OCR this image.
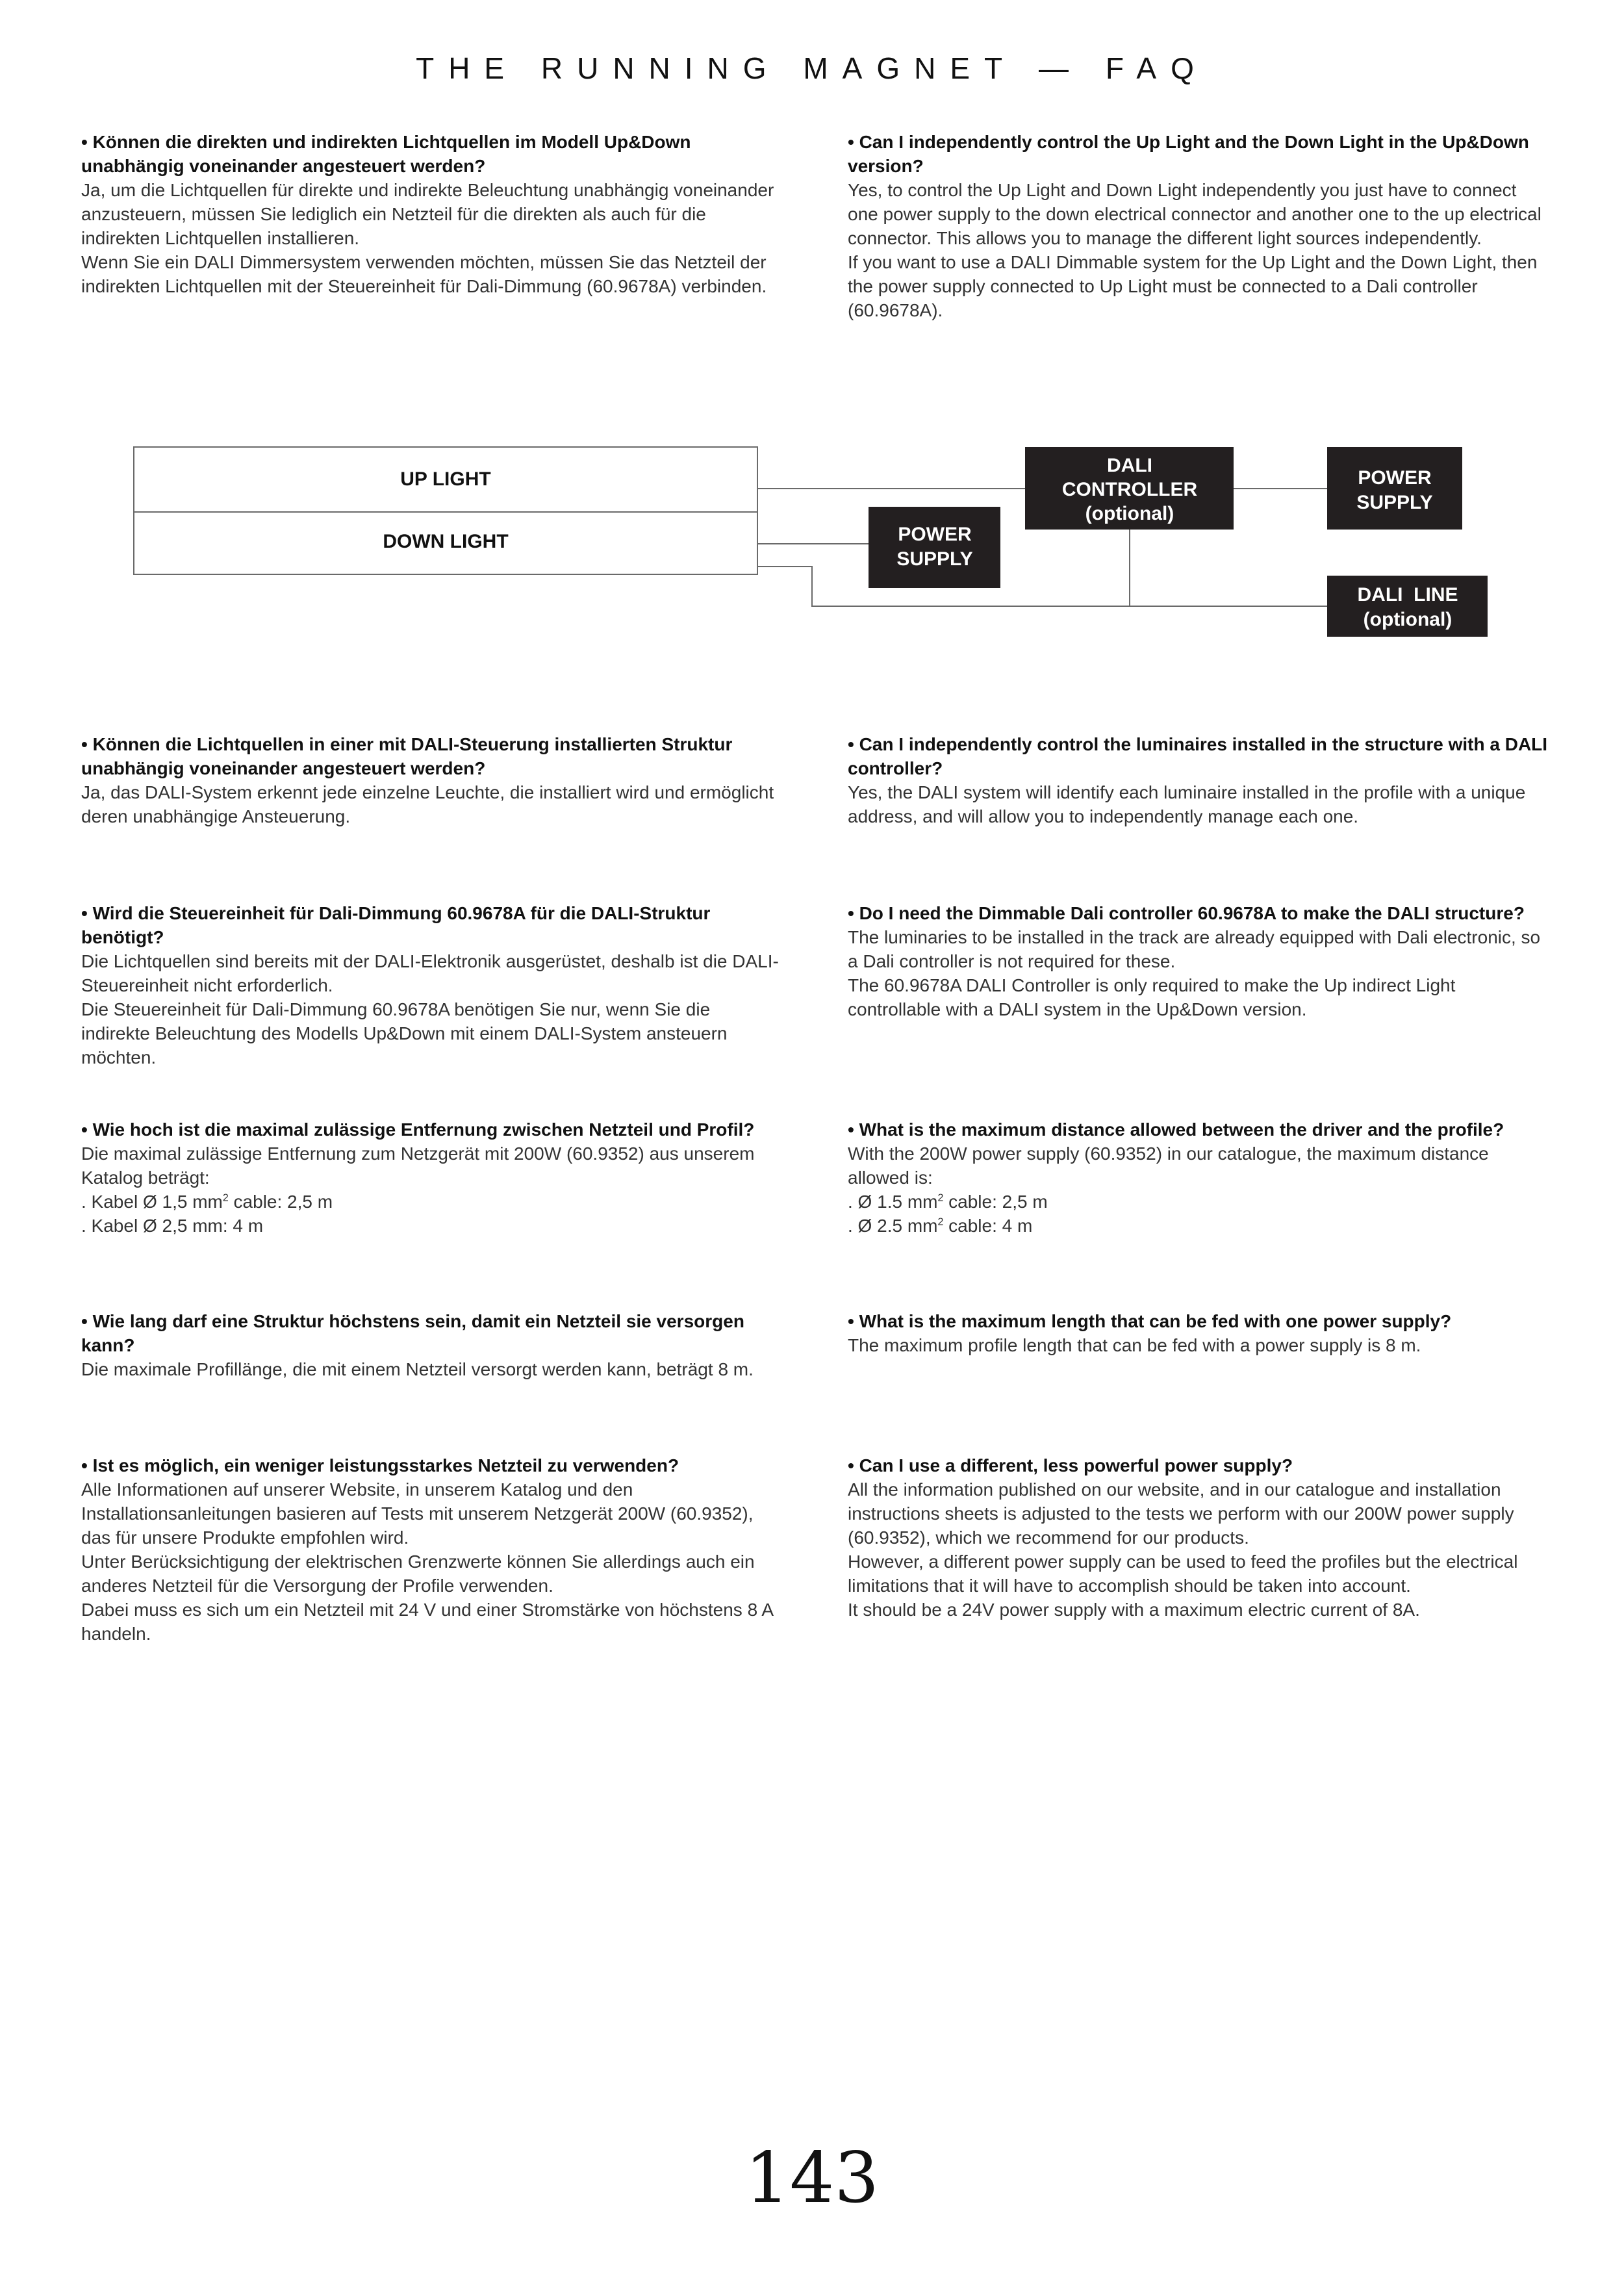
THE RUNNING MAGNET — FAQ
• Können die direkten und indirekten Lichtquellen im Modell Up&Down unabhängig voneinander angesteuert werden?

Ja, um die Lichtquellen für direkte und indirekte Beleuchtung unabhängig voneinander anzusteuern, müssen Sie lediglich ein Netzteil für die direkten als auch für die indirekten Lichtquellen installieren.

Wenn Sie ein DALI Dimmersystem verwenden möchten, müssen Sie das Netzteil der indirekten Lichtquellen mit der Steuereinheit für Dali-Dimmung (60.9678A) verbinden.

• Können die Lichtquellen in einer mit DALI-Steuerung installierten Struktur unabhängig voneinander angesteuert werden?

Ja, das DALI-System erkennt jede einzelne Leuchte, die installiert wird und ermöglicht deren unabhängige Ansteuerung.

• Wird die Steuereinheit für Dali-Dimmung 60.9678A für die DALI-Struktur benötigt?

Die Lichtquellen sind bereits mit der DALI-Elektronik ausgerüstet, deshalb ist die DALI-Steuereinheit nicht erforderlich.

Die Steuereinheit für Dali-Dimmung 60.9678A benötigen Sie nur, wenn Sie die indirekte Beleuchtung des Modells Up&Down mit einem DALI-System ansteuern möchten.

• Wie hoch ist die maximal zulässige Entfernung zwischen Netzteil und Profil?

Die maximal zulässige Entfernung zum Netzgerät mit 200W (60.9352) aus unserem Katalog beträgt:

. Kabel Ø 1,5 $mm^2$ cable: 2,5 m

. Kabel Ø 2,5 mm: 4 m

• Wie lang darf eine Struktur höchstens sein, damit ein Netzteil sie versorgen kann?

Die maximale Profillänge, die mit einem Netzteil versorgt werden kann, beträgt 8 m.

• Ist es möglich, ein weniger leistungsstarkes Netzteil zu verwenden?

Alle Informationen auf unserer Website, in unserem Katalog und den Installationsanleitungen basieren auf Tests mit unserem Netzgerät 200W (60.9352), das für unsere Produkte empfohlen wird.

Unter Berücksichtigung der elektrischen Grenzwerte können Sie allerdings auch ein anderes Netzteil für die Versorgung der Profile verwenden.

Dabei muss es sich um ein Netzteil mit 24 V und einer Stromstärke von höchstens 8 A handeln.

• Can I independently control the Up Light and the Down Light in the Up&Down version?

Yes, to control the Up Light and Down Light independently you just have to connect one power supply to the down electrical connector and another one to the up electrical connector. This allows you to manage the different light sources independently.

If you want to use a DALI Dimmable system for the Up Light and the Down Light, then the power supply connected to Up Light must be connected to a Dali controller (60.9678A).

• Can I independently control the luminaires installed in the structure with a DALI controller?

Yes, the DALI system will identify each luminaire installed in the profile with a unique address, and will allow you to independently manage each one.

• Do I need the Dimmable Dali controller 60.9678A to make the DALI structure?

The luminaries to be installed in the track are already equipped with Dali electronic, so a Dali controller is not required for these.

The 60.9678A DALI Controller is only required to make the Up indirect Light controllable with a DALI system in the Up&Down version.

• What is the maximum distance allowed between the driver and the profile?

With the 200W power supply (60.9352) in our catalogue, the maximum distance allowed is:

. Ø 1.5 $mm^2$ cable: 2,5 m

. Ø 2.5 $mm^2$ cable: 4 m

• What is the maximum length that can be fed with one power supply?

The maximum profile length that can be fed with a power supply is 8 m.

• Can I use a different, less powerful power supply?

All the information published on our website, and in our catalogue and installation instructions sheets is adjusted to the tests we perform with our 200W power supply (60.9352), which we recommend for our products.

However, a different power supply can be used to feed the profiles but the electrical limitations that it will have to accomplish should be taken into account.

It should be a 24V power supply with a maximum electric current of 8A.

UP LIGHT
DOWN LIGHT	POWER
SUPPLY
DALI
CONTROLLER
(optional)
POWER
SUPPLY
DALI  LINE
(optional)
143
